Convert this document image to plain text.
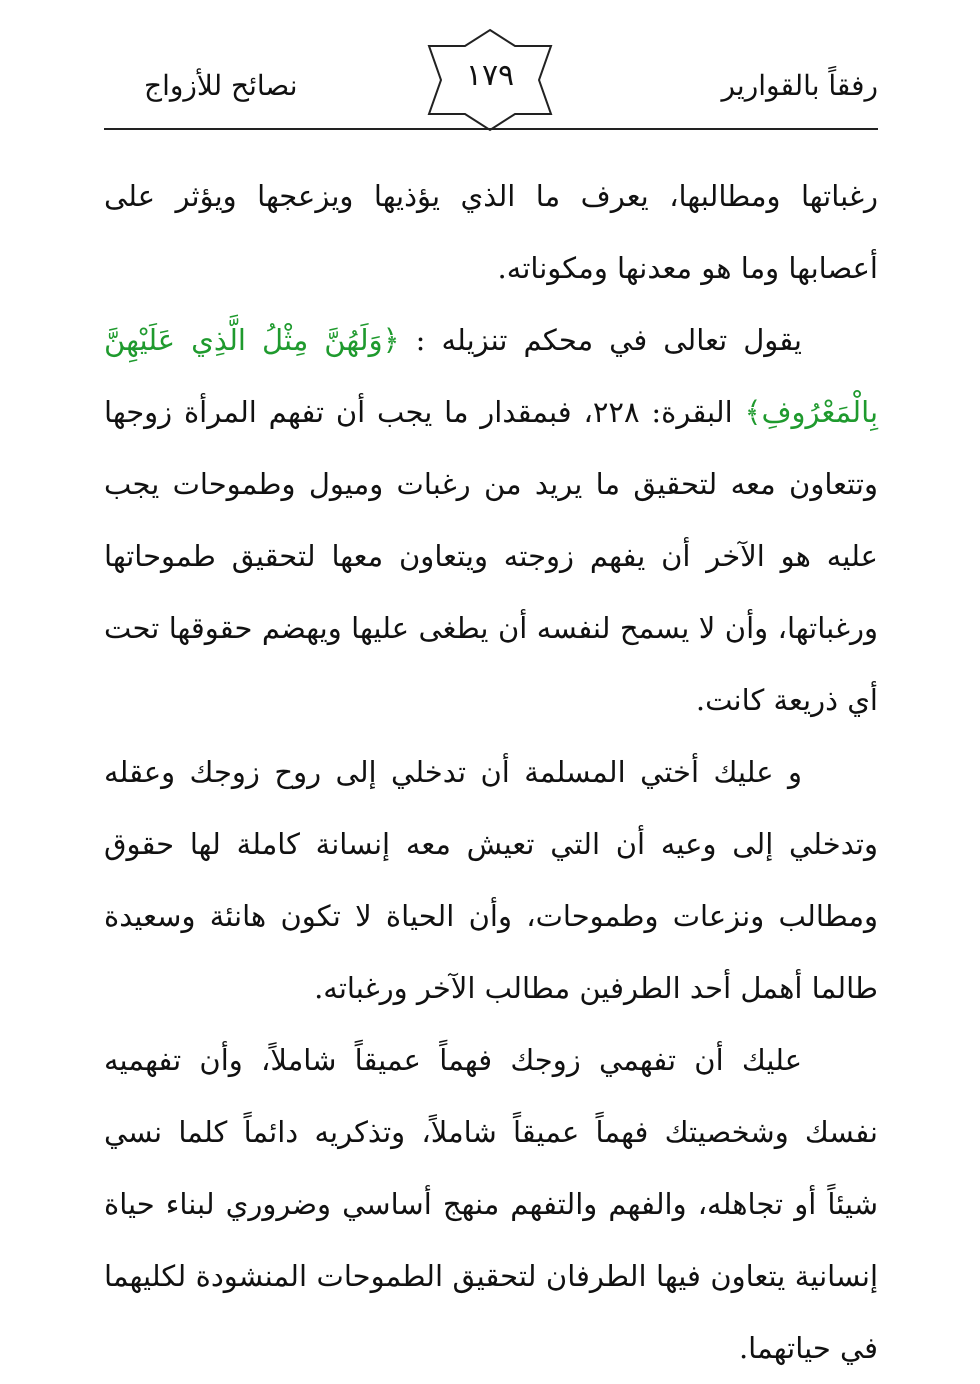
رفقاً بالقوارير
١٧٩
نصائح للأزواج

رغباتها ومطالبها، يعرف ما الذي يؤذيها ويزعجها ويؤثر على أعصابها وما هو معدنها ومكوناته.

يقول تعالى في محكم تنزيله : ﴿وَلَهُنَّ مِثْلُ الَّذِي عَلَيْهِنَّ بِالْمَعْرُوفِ﴾ البقرة: ٢٢٨، فبمقدار ما يجب أن تفهم المرأة زوجها وتتعاون معه لتحقيق ما يريد من رغبات وميول وطموحات يجب عليه هو الآخر أن يفهم زوجته ويتعاون معها لتحقيق طموحاتها ورغباتها، وأن لا يسمح لنفسه أن يطغى عليها ويهضم حقوقها تحت أي ذريعة كانت.

و عليك أختي المسلمة أن تدخلي إلى روح زوجك وعقله وتدخلي إلى وعيه أن التي تعيش معه إنسانة كاملة لها حقوق ومطالب ونزعات وطموحات، وأن الحياة لا تكون هانئة وسعيدة طالما أهمل أحد الطرفين مطالب الآخر ورغباته.

عليك أن تفهمي زوجك فهماً عميقاً شاملاً، وأن تفهميه نفسك وشخصيتك فهماً عميقاً شاملاً، وتذكريه دائماً كلما نسي شيئاً أو تجاهله، والفهم والتفهم منهج أساسي وضروري لبناء حياة إنسانية يتعاون فيها الطرفان لتحقيق الطموحات المنشودة لكليهما في حياتهما.
